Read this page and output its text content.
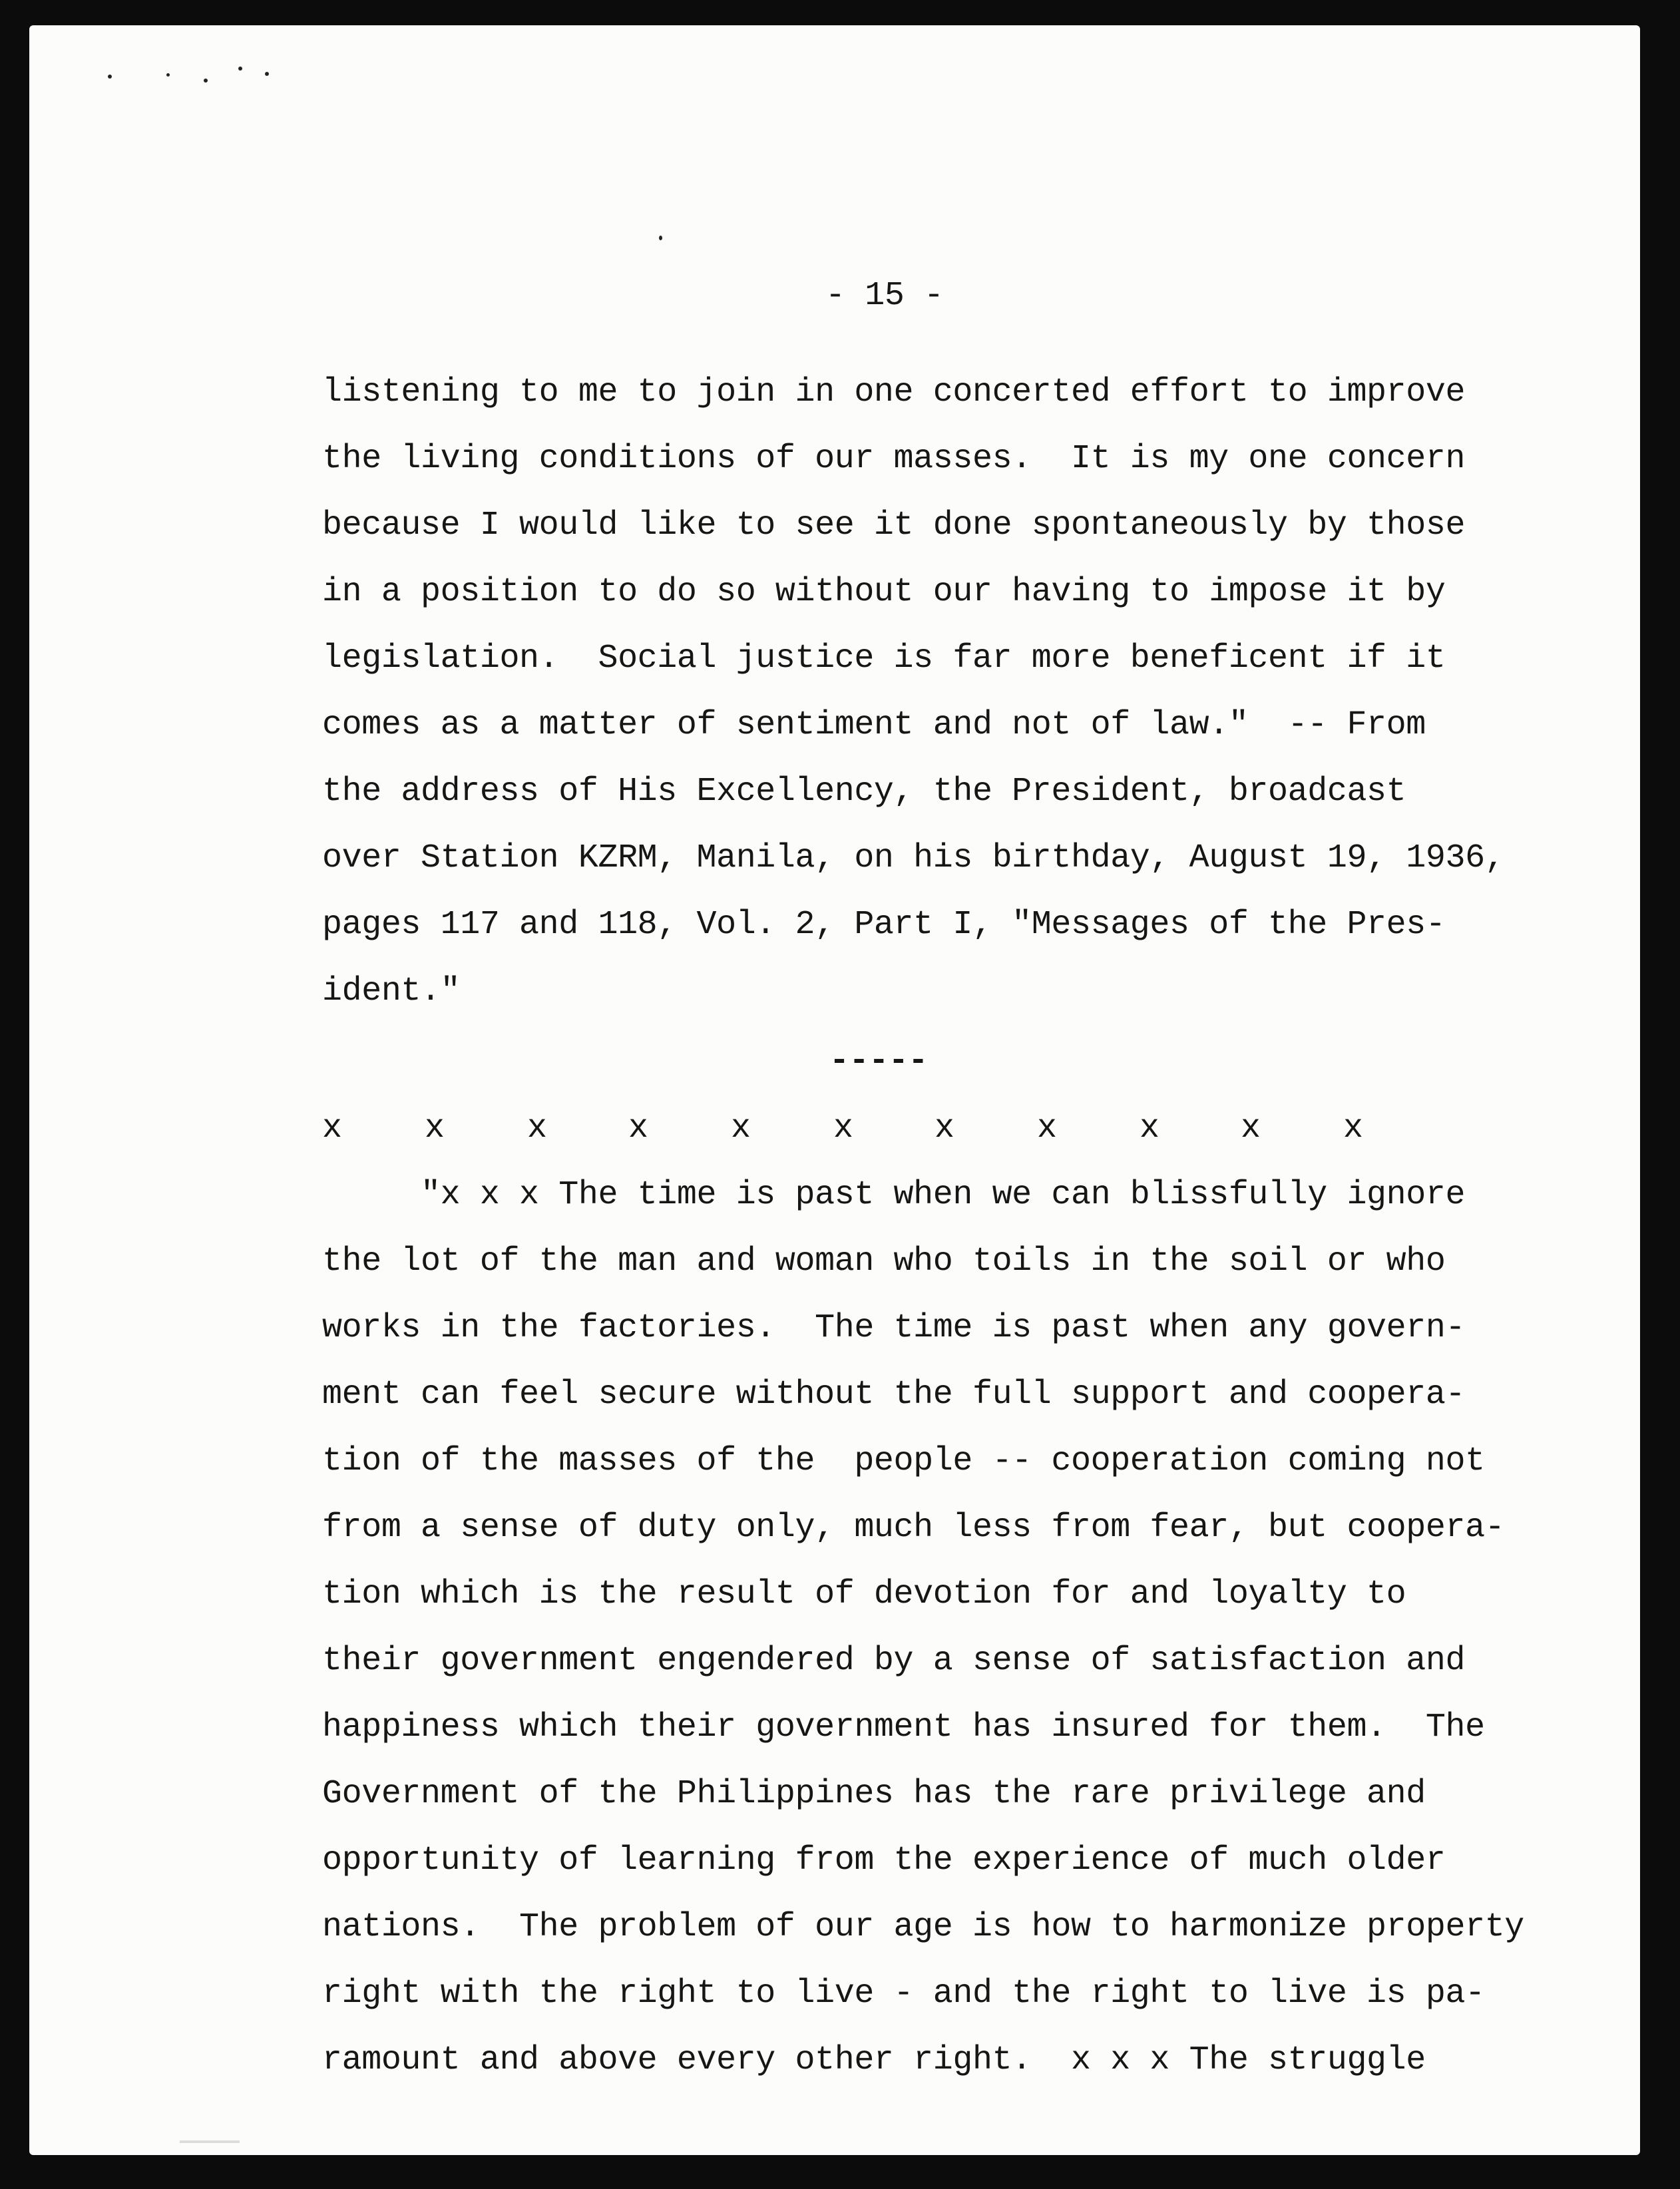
- 15 -
listening to me to join in one concerted effort to improve
the living conditions of our masses.  It is my one concern
because I would like to see it done spontaneously by those
in a position to do so without our having to impose it by
legislation.  Social justice is far more beneficent if it
comes as a matter of sentiment and not of law."  -- From
the address of His Excellency, the President, broadcast
over Station KZRM, Manila, on his birthday, August 19, 1936,
pages 117 and 118, Vol. 2, Part I, "Messages of the Pres-
ident."
-----
x x x x x x x x x x x
"x x x The time is past when we can blissfully ignore
the lot of the man and woman who toils in the soil or who
works in the factories.  The time is past when any govern-
ment can feel secure without the full support and coopera-
tion of the masses of the  people -- cooperation coming not
from a sense of duty only, much less from fear, but coopera-
tion which is the result of devotion for and loyalty to
their government engendered by a sense of satisfaction and
happiness which their government has insured for them.  The
Government of the Philippines has the rare privilege and
opportunity of learning from the experience of much older
nations.  The problem of our age is how to harmonize property
right with the right to live - and the right to live is pa-
ramount and above every other right.  x x x The struggle
